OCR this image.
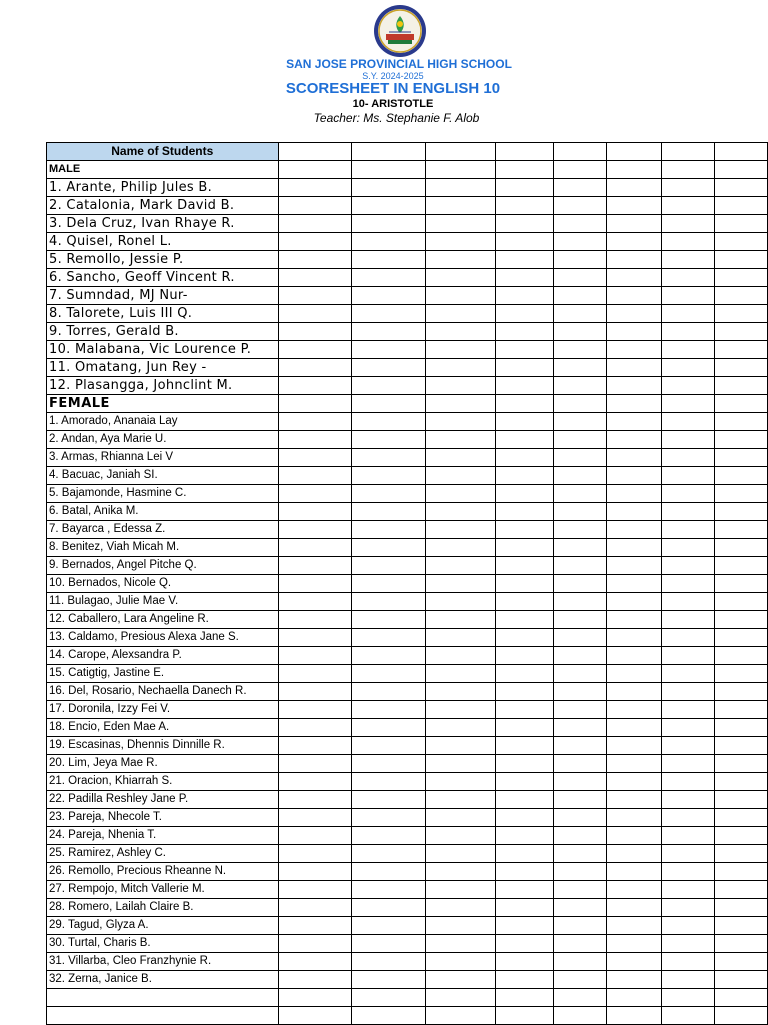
SAN JOSE PROVINCIAL HIGH SCHOOL
S.Y. 2024-2025
SCORESHEET IN ENGLISH 10
10- ARISTOTLE
Teacher: Ms. Stephanie F. Alob
Name of Students								
MALE								
1. Arante, Philip Jules B.								
2. Catalonia, Mark David B.								
3. Dela Cruz, Ivan Rhaye R.								
4. Quisel, Ronel L.								
5. Remollo, Jessie P.								
6. Sancho, Geoff Vincent R.								
7. Sumndad, MJ Nur-								
8. Talorete, Luis III Q.								
9. Torres, Gerald B.								
10. Malabana, Vic Lourence P.								
11. Omatang, Jun Rey -								
12. Plasangga, Johnclint M.								
FEMALE								
1. Amorado, Ananaia Lay								
2. Andan, Aya Marie U.								
3. Armas, Rhianna Lei V								
4. Bacuac, Janiah SI.								
5. Bajamonde, Hasmine C.								
6. Batal, Anika M.								
7. Bayarca , Edessa Z.								
8. Benitez, Viah Micah M.								
9. Bernados, Angel Pitche Q.								
10. Bernados, Nicole Q.								
11. Bulagao, Julie Mae V.								
12. Caballero, Lara Angeline R.								
13. Caldamo, Presious Alexa Jane S.								
14. Carope, Alexsandra P.								
15. Catigtig, Jastine E.								
16. Del, Rosario, Nechaella Danech R.								
17. Doronila, Izzy Fei V.								
18. Encio, Eden Mae A.								
19. Escasinas, Dhennis Dinnille R.								
20. Lim, Jeya Mae R.								
21. Oracion, Khiarrah S.								
22. Padilla Reshley Jane P.								
23. Pareja, Nhecole T.								
24. Pareja, Nhenia T.								
25. Ramirez, Ashley C.								
26. Remollo, Precious Rheanne N.								
27. Rempojo, Mitch Vallerie M.								
28. Romero, Lailah Claire B.								
29. Tagud, Glyza A.								
30. Turtal, Charis B.								
31. Villarba, Cleo Franzhynie R.								
32. Zerna, Janice B.								
